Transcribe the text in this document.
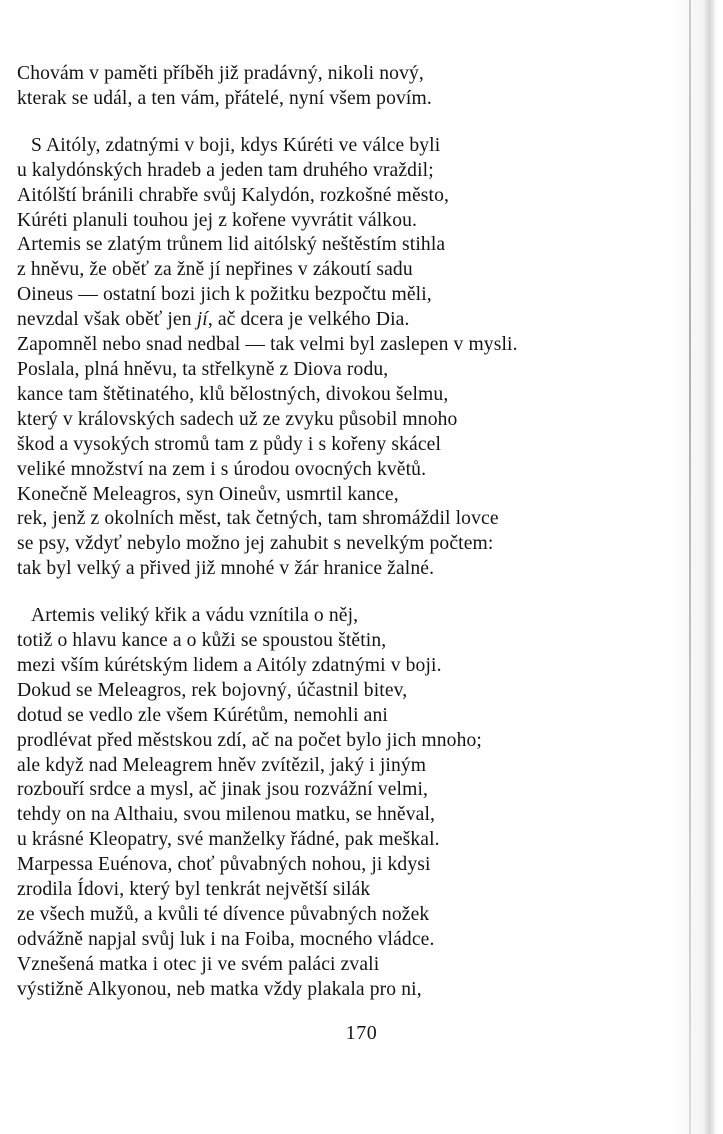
Chovám v paměti příběh již pradávný, nikoli nový,
kterak se udál, a ten vám, přátelé, nyní všem povím.
S Aitóly, zdatnými v boji, kdys Kúréti ve válce byli
u kalydónských hradeb a jeden tam druhého vraždil;
Aitólští bránili chrabře svůj Kalydón, rozkošné město,
Kúréti planuli touhou jej z kořene vyvrátit válkou.
Artemis se zlatým trůnem lid aitólský neštěstím stihla
z hněvu, že oběť za žně jí nepřines v zákoutí sadu
Oineus — ostatní bozi jich k požitku bezpočtu měli,
nevzdal však oběť jen jí, ač dcera je velkého Dia.
Zapomněl nebo snad nedbal — tak velmi byl zaslepen v mysli.
Poslala, plná hněvu, ta střelkyně z Diova rodu,
kance tam štětinatého, klů bělostných, divokou šelmu,
který v královských sadech už ze zvyku působil mnoho
škod a vysokých stromů tam z půdy i s kořeny skácel
veliké množství na zem i s úrodou ovocných květů.
Konečně Meleagros, syn Oineův, usmrtil kance,
rek, jenž z okolních měst, tak četných, tam shromáždil lovce
se psy, vždyť nebylo možno jej zahubit s nevelkým počtem:
tak byl velký a přived již mnohé v žár hranice žalné.
Artemis veliký křik a vádu vznítila o něj,
totiž o hlavu kance a o kůži se spoustou štětin,
mezi vším kúrétským lidem a Aitóly zdatnými v boji.
Dokud se Meleagros, rek bojovný, účastnil bitev,
dotud se vedlo zle všem Kúrétům, nemohli ani
prodlévat před městskou zdí, ač na počet bylo jich mnoho;
ale když nad Meleagrem hněv zvítězil, jaký i jiným
rozbouří srdce a mysl, ač jinak jsou rozvážní velmi,
tehdy on na Althaiu, svou milenou matku, se hněval,
u krásné Kleopatry, své manželky řádné, pak meškal.
Marpessa Euénova, choť půvabných nohou, ji kdysi
zrodila Ídovi, který byl tenkrát největší silák
ze všech mužů, a kvůli té dívence půvabných nožek
odvážně napjal svůj luk i na Foiba, mocného vládce.
Vznešená matka i otec ji ve svém paláci zvali
výstižně Alkyonou, neb matka vždy plakala pro ni,
170
